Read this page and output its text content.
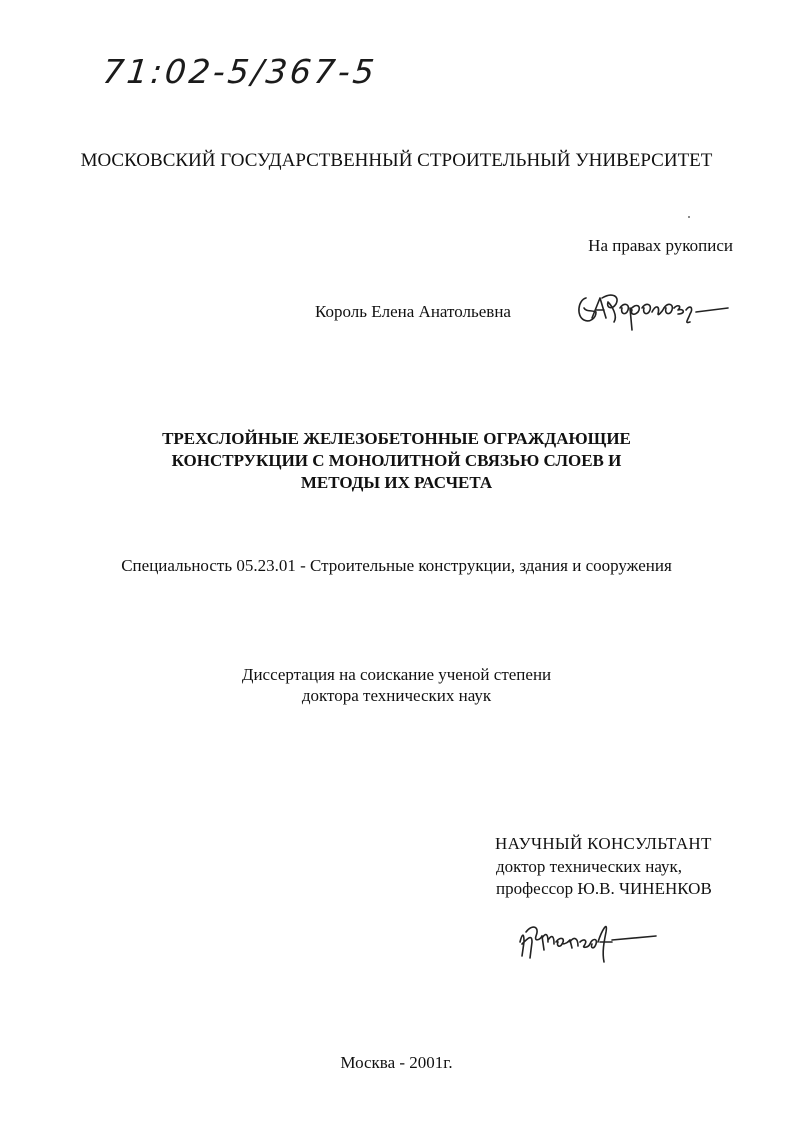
71:02-5/367-5
МОСКОВСКИЙ ГОСУДАРСТВЕННЫЙ СТРОИТЕЛЬНЫЙ УНИВЕРСИТЕТ
На правах рукописи
Король Елена Анатольевна
ТРЕХСЛОЙНЫЕ ЖЕЛЕЗОБЕТОННЫЕ ОГРАЖДАЮЩИЕ
КОНСТРУКЦИИ С МОНОЛИТНОЙ СВЯЗЬЮ СЛОЕВ И
МЕТОДЫ ИХ РАСЧЕТА
Специальность 05.23.01 - Строительные конструкции, здания и сооружения
Диссертация на соискание ученой степени
доктора технических наук
НАУЧНЫЙ КОНСУЛЬТАНТ
доктор технических наук,
профессор Ю.В. ЧИНЕНКОВ
Москва - 2001г.
